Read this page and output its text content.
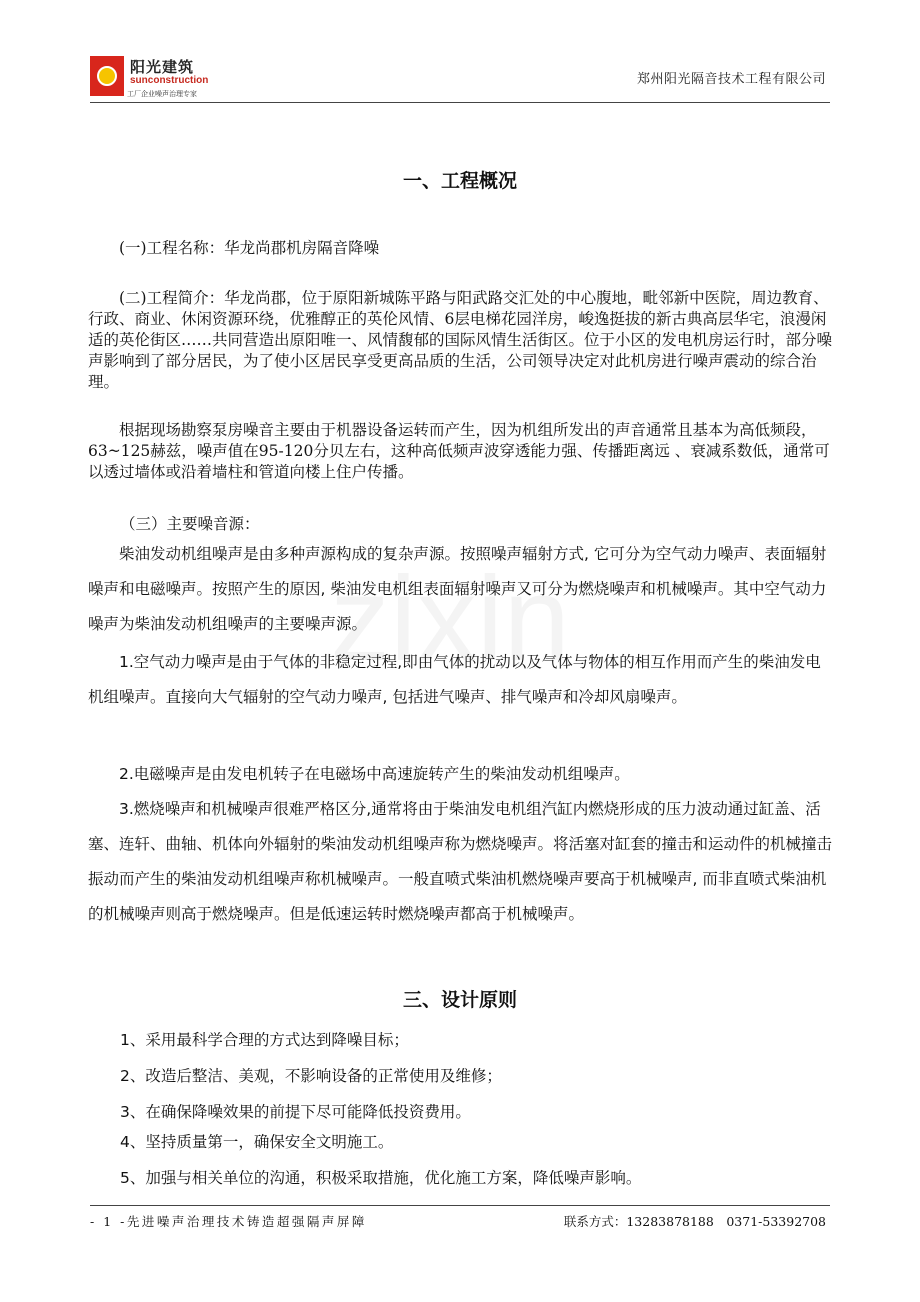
阳光建筑
sunconstruction
工厂企业噪声治理专家
郑州阳光隔音技术工程有限公司
一、工程概况

(一)工程名称：华龙尚郡机房隔音降噪

(二)工程简介：华龙尚郡，位于原阳新城陈平路与阳武路交汇处的中心腹地，毗邻新中医院，周边教育、行政、商业、休闲资源环绕，优雅醇正的英伦风情、6层电梯花园洋房，峻逸挺拔的新古典高层华宅，浪漫闲适的英伦街区……共同营造出原阳唯一、风情馥郁的国际风情生活街区。位于小区的发电机房运行时，部分噪声影响到了部分居民，为了使小区居民享受更高品质的生活，公司领导决定对此机房进行噪声震动的综合治理。

根据现场勘察泵房噪音主要由于机器设备运转而产生，因为机组所发出的声音通常且基本为高低频段，63~125赫兹，噪声值在95-120分贝左右，这种高低频声波穿透能力强、传播距离远 、衰减系数低，通常可以透过墙体或沿着墙柱和管道向楼上住户传播。

（三）主要噪音源：

柴油发动机组噪声是由多种声源构成的复杂声源。按照噪声辐射方式, 它可分为空气动力噪声、表面辐射噪声和电磁噪声。按照产生的原因, 柴油发电机组表面辐射噪声又可分为燃烧噪声和机械噪声。其中空气动力噪声为柴油发动机组噪声的主要噪声源。

1.空气动力噪声是由于气体的非稳定过程,即由气体的扰动以及气体与物体的相互作用而产生的柴油发电机组噪声。直接向大气辐射的空气动力噪声, 包括进气噪声、排气噪声和冷却风扇噪声。

2.电磁噪声是由发电机转子在电磁场中高速旋转产生的柴油发动机组噪声。

3.燃烧噪声和机械噪声很难严格区分,通常将由于柴油发电机组汽缸内燃烧形成的压力波动通过缸盖、活塞、连轩、曲轴、机体向外辐射的柴油发动机组噪声称为燃烧噪声。将活塞对缸套的撞击和运动件的机械撞击振动而产生的柴油发动机组噪声称机械噪声。一般直喷式柴油机燃烧噪声要高于机械噪声, 而非直喷式柴油机的机械噪声则高于燃烧噪声。但是低速运转时燃烧噪声都高于机械噪声。

三、设计原则
1、采用最科学合理的方式达到降噪目标；
2、改造后整洁、美观，不影响设备的正常使用及维修；
3、在确保降噪效果的前提下尽可能降低投资费用。
4、坚持质量第一，确保安全文明施工。
5、加强与相关单位的沟通，积极采取措施，优化施工方案，降低噪声影响。
- 1 -先进噪声治理技术铸造超强隔声屏障	联系方式：13283878188　0371-53392708
